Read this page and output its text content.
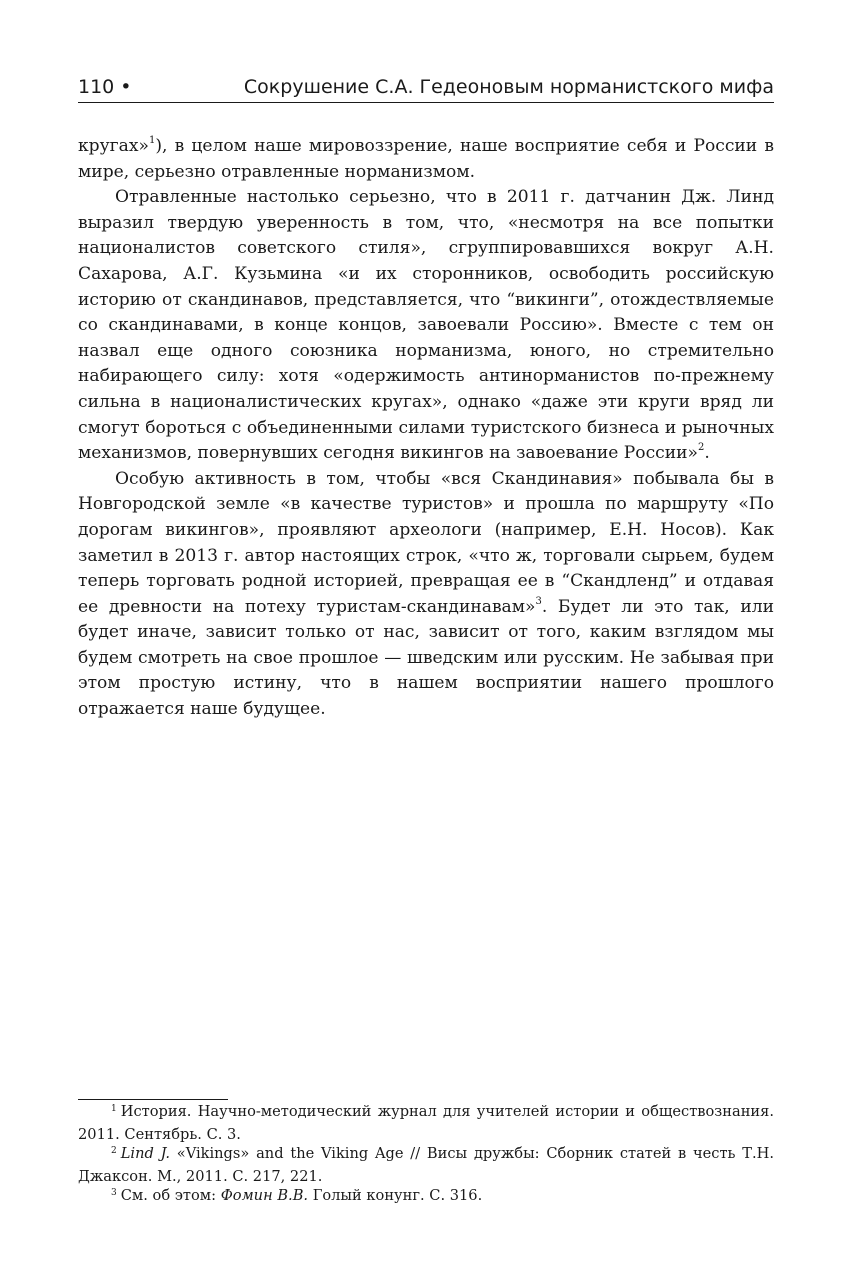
110 •	Сокрушение С.А. Гедеоновым норманистского мифа

кругах»$^1$), в целом наше мировоззрение, наше восприятие себя и России в мире, серьезно отравленные норманизмом.

Отравленные настолько серьезно, что в 2011 г. датчанин Дж. Линд выразил твердую уверенность в том, что, «несмотря на все попытки националистов советского стиля», сгруппировавшихся вокруг А.Н. Сахарова, А.Г. Кузьмина «и их сторонников, освободить российскую историю от скандинавов, представляется, что “викинги”, отождествляемые со скандинавами, в конце концов, завоевали Россию». Вместе с тем он назвал еще одного союзника норманизма, юного, но стремительно набирающего силу: хотя «одержимость антинорманистов по-прежнему сильна в националистических кругах», однако «даже эти круги вряд ли смогут бороться с объединенными силами туристского бизнеса и рыночных механизмов, повернувших сегодня викингов на завоевание России»$^2$.

Особую активность в том, чтобы «вся Скандинавия» побывала бы в Новгородской земле «в качестве туристов» и прошла по маршруту «По дорогам викингов», проявляют археологи (например, Е.Н. Носов). Как заметил в 2013 г. автор настоящих строк, «что ж, торговали сырьем, будем теперь торговать родной историей, превращая ее в “Скандленд” и отдавая ее древности на потеху туристам-скандинавам»$^3$. Будет ли это так, или будет иначе, зависит только от нас, зависит от того, каким взглядом мы будем смотреть на свое прошлое — шведским или русским. Не забывая при этом простую истину, что в нашем восприятии нашего прошлого отражается наше будущее.

$^1$ История. Научно-методический журнал для учителей истории и обществознания. 2011. Сентябрь. С. 3.

$^2$ Lind J. «Vikings» and the Viking Age // Висы дружбы: Сборник статей в честь Т.Н. Джаксон. М., 2011. С. 217, 221.

$^3$ См. об этом: Фомин В.В. Голый конунг. С. 316.
